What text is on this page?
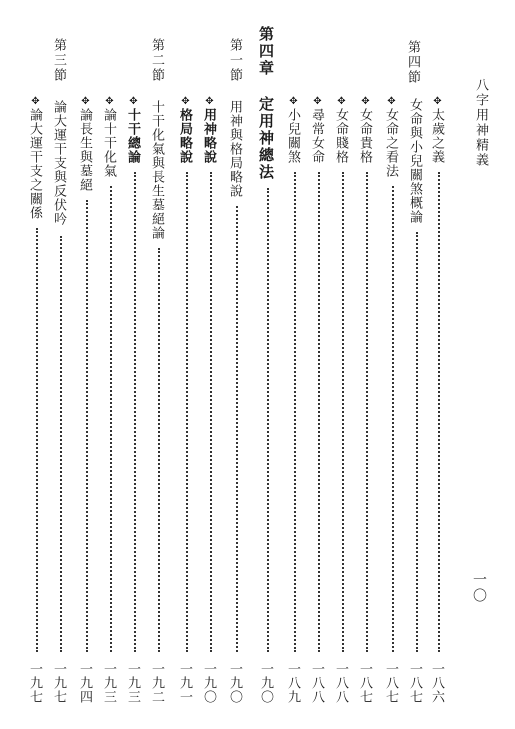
八字用神精義
一〇
第四節
✥
太歲之義
一八六
女命與小兒關煞概論
一八七
✥
女命之看法
一八七
✥
女命貴格
一八七
✥
女命賤格
一八八
✥
尋常女命
一八八
✥
小兒關煞
一八九
第四章
定用神總法
一九〇
第一節
用神與格局略說
一九〇
✥
用神略說
一九〇
✥
格局略說
一九一
第二節
十干化氣與長生墓絕論
一九二
✥
十干總論
一九三
✥
論十干化氣
一九三
✥
論長生與墓絕
一九四
第三節
論大運干支與反伏吟
一九七
✥
論大運干支之關係
一九七
